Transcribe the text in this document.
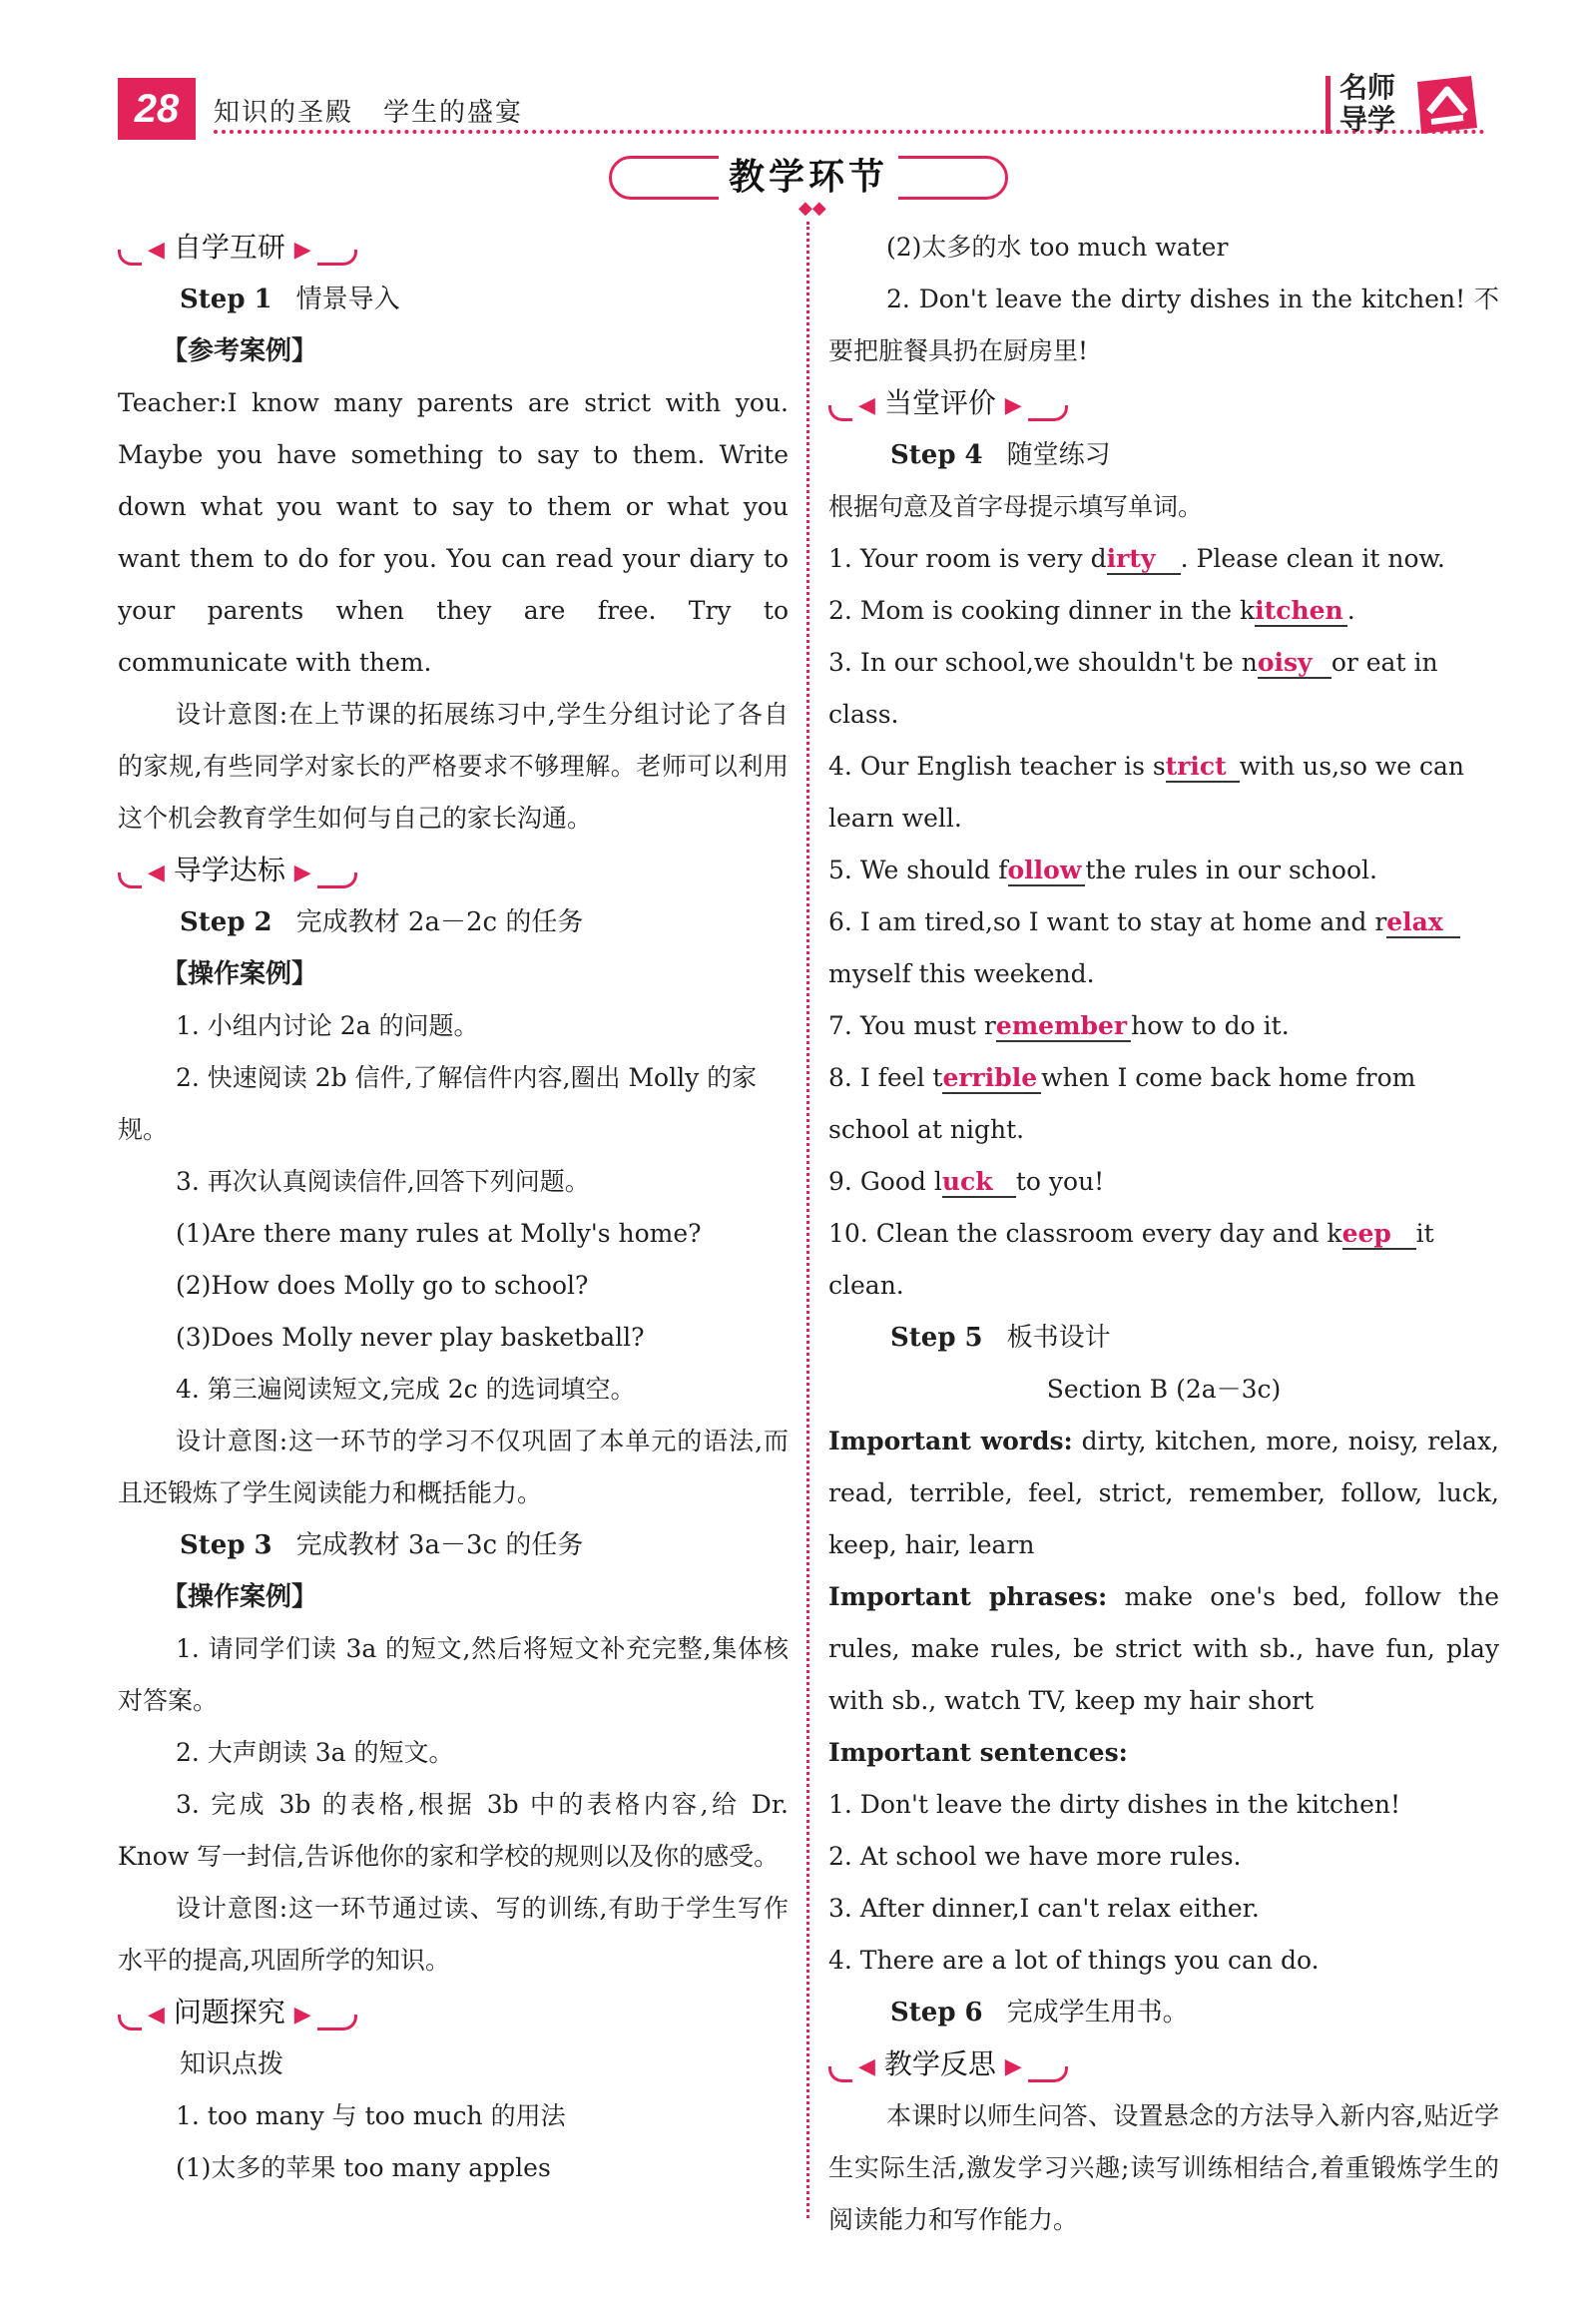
28	知识的圣殿 学生的盛宴
名师
导学
教学环节
◆◆
◀ 自学互研 ▶

Step 1 情景导入

【参考案例】

Teacher:I know many parents are strict with you. Maybe you have something to say to them. Write down what you want to say to them or what you want them to do for you. You can read your diary to your parents when they are free. Try to communicate with them.

设计意图:在上节课的拓展练习中,学生分组讨论了各自的家规,有些同学对家长的严格要求不够理解。老师可以利用这个机会教育学生如何与自己的家长沟通。

◀ 导学达标 ▶

Step 2 完成教材 2a－2c 的任务

【操作案例】

1. 小组内讨论 2a 的问题。

2. 快速阅读 2b 信件,了解信件内容,圈出 Molly 的家规。

3. 再次认真阅读信件,回答下列问题。

(1)Are there many rules at Molly's home?

(2)How does Molly go to school?

(3)Does Molly never play basketball?

4. 第三遍阅读短文,完成 2c 的选词填空。

设计意图:这一环节的学习不仅巩固了本单元的语法,而且还锻炼了学生阅读能力和概括能力。

Step 3 完成教材 3a－3c 的任务

【操作案例】

1. 请同学们读 3a 的短文,然后将短文补充完整,集体核对答案。

2. 大声朗读 3a 的短文。

3. 完成 3b 的表格,根据 3b 中的表格内容,给 Dr. Know 写一封信,告诉他你的家和学校的规则以及你的感受。

设计意图:这一环节通过读、写的训练,有助于学生写作水平的提高,巩固所学的知识。

◀ 问题探究 ▶

知识点拨

1. too many 与 too much 的用法

(1)太多的苹果 too many apples

(2)太多的水 too much water

2. Don't leave the dirty dishes in the kitchen! 不要把脏餐具扔在厨房里!

◀ 当堂评价 ▶

Step 4 随堂练习

根据句意及首字母提示填写单词。

1. Your room is very dirty . Please clean it now.

2. Mom is cooking dinner in the kitchen .

3. In our school,we shouldn't be noisy or eat in class.

4. Our English teacher is strict with us,so we can learn well.

5. We should follow the rules in our school.

6. I am tired,so I want to stay at home and relaxmyself this weekend.

7. You must remember how to do it.

8. I feel terrible when I come back home from school at night.

9. Good luck to you!

10. Clean the classroom every day and keep it clean.

Step 5 板书设计

Section B (2a－3c)

Important words: dirty, kitchen, more, noisy, relax, read, terrible, feel, strict, remember, follow, luck, keep, hair, learn

Important phrases: make one's bed, follow the rules, make rules, be strict with sb., have fun, play with sb., watch TV, keep my hair short

Important sentences:

1. Don't leave the dirty dishes in the kitchen!

2. At school we have more rules.

3. After dinner,I can't relax either.

4. There are a lot of things you can do.

Step 6 完成学生用书。

◀ 教学反思 ▶

本课时以师生问答、设置悬念的方法导入新内容,贴近学生实际生活,激发学习兴趣;读写训练相结合,着重锻炼学生的阅读能力和写作能力。
